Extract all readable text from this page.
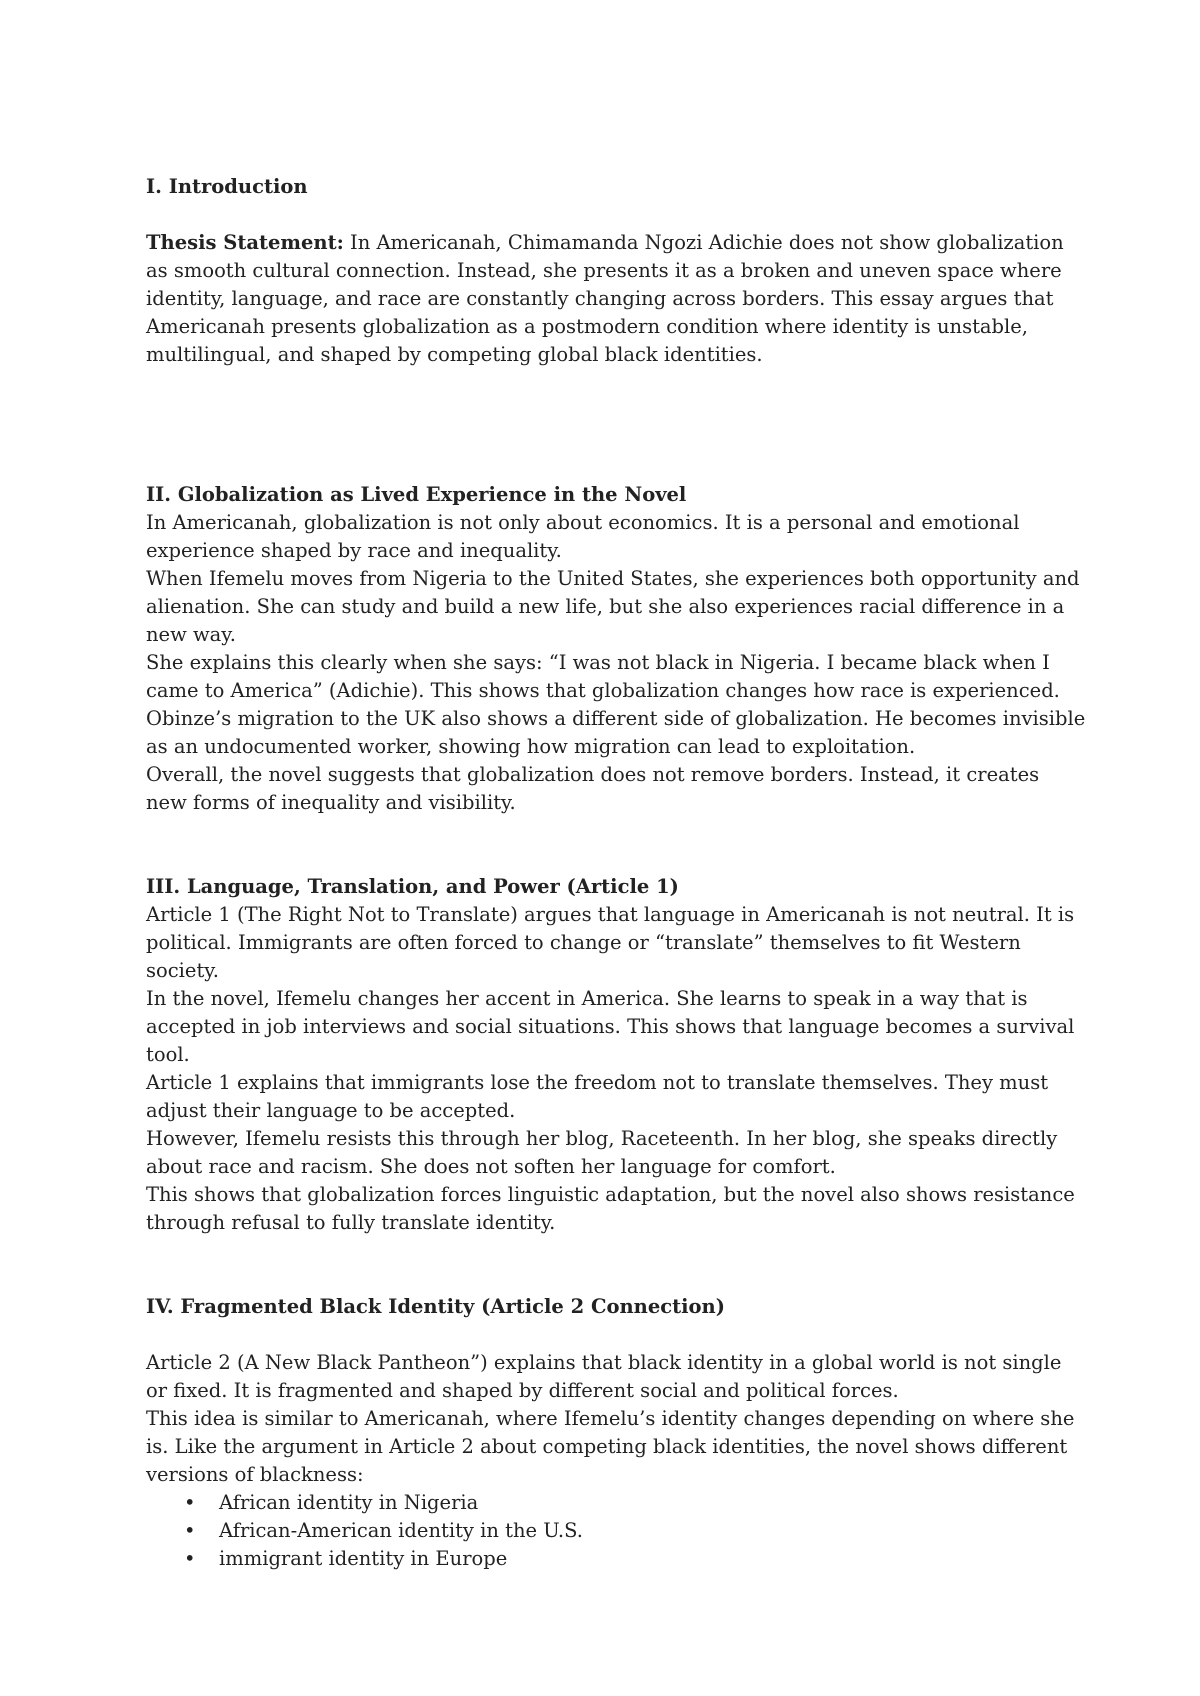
I. Introduction

Thesis Statement: In Americanah, Chimamanda Ngozi Adichie does not show globalization as smooth cultural connection. Instead, she presents it as a broken and uneven space where identity, language, and race are constantly changing across borders. This essay argues that Americanah presents globalization as a postmodern condition where identity is unstable, multilingual, and shaped by competing global black identities.

II. Globalization as Lived Experience in the Novel

In Americanah, globalization is not only about economics. It is a personal and emotional experience shaped by race and inequality.

When Ifemelu moves from Nigeria to the United States, she experiences both opportunity and alienation. She can study and build a new life, but she also experiences racial difference in a new way.

She explains this clearly when she says: “I was not black in Nigeria. I became black when I came to America” (Adichie). This shows that globalization changes how race is experienced.

Obinze’s migration to the UK also shows a different side of globalization. He becomes invisible as an undocumented worker, showing how migration can lead to exploitation.

Overall, the novel suggests that globalization does not remove borders. Instead, it creates new forms of inequality and visibility.

III. Language, Translation, and Power (Article 1)

Article 1 (The Right Not to Translate) argues that language in Americanah is not neutral. It is political. Immigrants are often forced to change or “translate” themselves to fit Western society.

In the novel, Ifemelu changes her accent in America. She learns to speak in a way that is accepted in job interviews and social situations. This shows that language becomes a survival tool.

Article 1 explains that immigrants lose the freedom not to translate themselves. They must adjust their language to be accepted.

However, Ifemelu resists this through her blog, Raceteenth. In her blog, she speaks directly about race and racism. She does not soften her language for comfort.

This shows that globalization forces linguistic adaptation, but the novel also shows resistance through refusal to fully translate identity.

IV. Fragmented Black Identity (Article 2 Connection)

Article 2 (A New Black Pantheon”) explains that black identity in a global world is not single or fixed. It is fragmented and shaped by different social and political forces.

This idea is similar to Americanah, where Ifemelu’s identity changes depending on where she is. Like the argument in Article 2 about competing black identities, the novel shows different versions of blackness:

• African identity in Nigeria
• African-American identity in the U.S.
• immigrant identity in Europe
